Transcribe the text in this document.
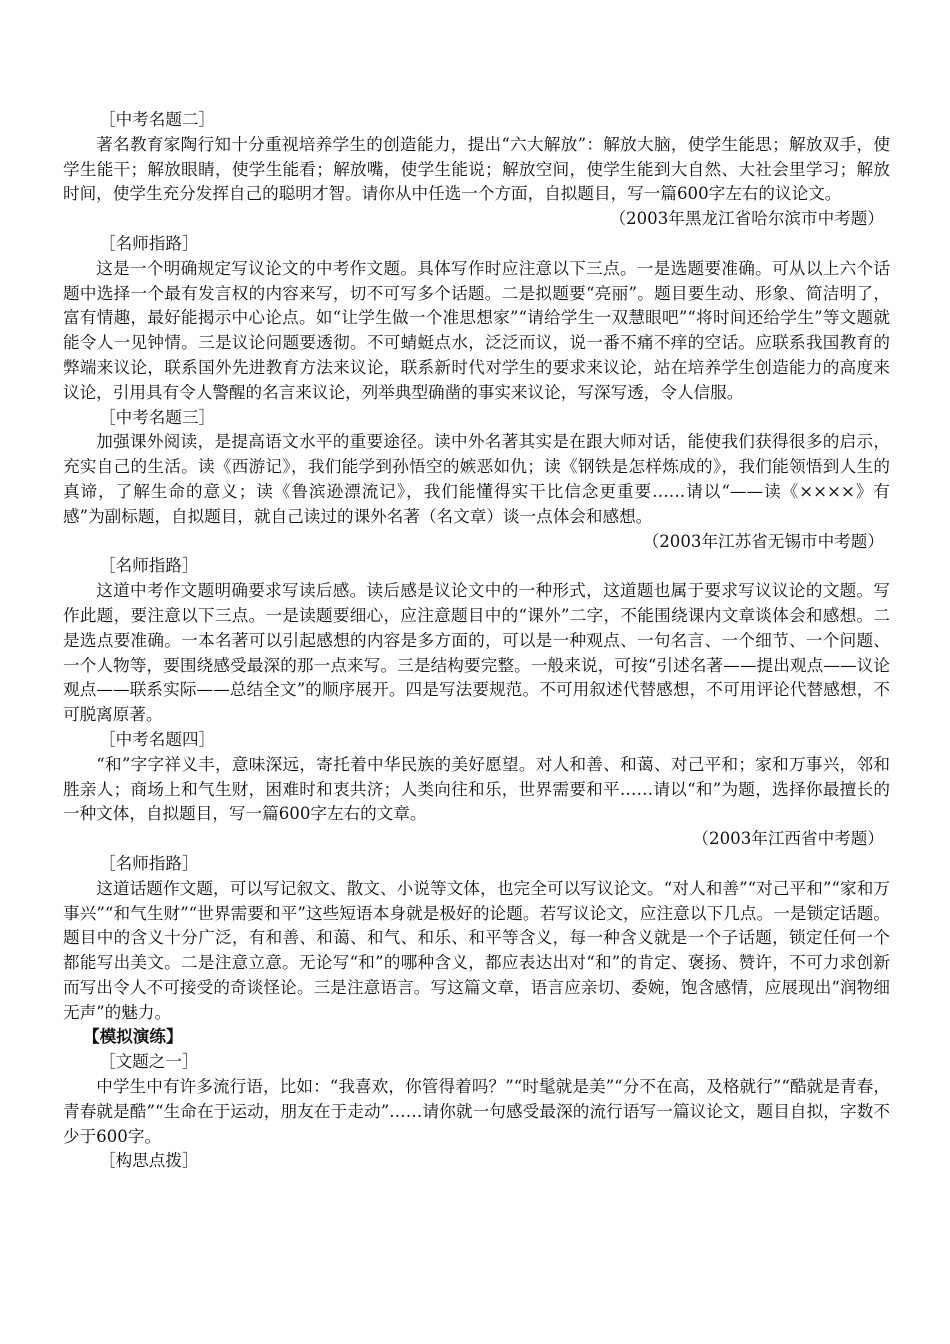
［中考名题二］

著名教育家陶行知十分重视培养学生的创造能力，提出“六大解放”：解放大脑，使学生能思；解放双手，使学生能干；解放眼睛，使学生能看；解放嘴，使学生能说；解放空间，使学生能到大自然、大社会里学习；解放时间，使学生充分发挥自己的聪明才智。请你从中任选一个方面，自拟题目，写一篇600字左右的议论文。

（2003年黑龙江省哈尔滨市中考题）

［名师指路］

这是一个明确规定写议论文的中考作文题。具体写作时应注意以下三点。一是选题要准确。可从以上六个话题中选择一个最有发言权的内容来写，切不可写多个话题。二是拟题要“亮丽”。题目要生动、形象、简洁明了，富有情趣，最好能揭示中心论点。如“让学生做一个准思想家”“请给学生一双慧眼吧”“将时间还给学生”等文题就能令人一见钟情。三是议论问题要透彻。不可蜻蜓点水，泛泛而议，说一番不痛不痒的空话。应联系我国教育的弊端来议论，联系国外先进教育方法来议论，联系新时代对学生的要求来议论，站在培养学生创造能力的高度来议论，引用具有令人警醒的名言来议论，列举典型确凿的事实来议论，写深写透，令人信服。

［中考名题三］

加强课外阅读，是提高语文水平的重要途径。读中外名著其实是在跟大师对话，能使我们获得很多的启示，充实自己的生活。读《西游记》，我们能学到孙悟空的嫉恶如仇；读《钢铁是怎样炼成的》，我们能领悟到人生的真谛，了解生命的意义；读《鲁滨逊漂流记》，我们能懂得实干比信念更重要……请以“——读《××××》有感”为副标题，自拟题目，就自己读过的课外名著（名文章）谈一点体会和感想。

（2003年江苏省无锡市中考题）

［名师指路］

这道中考作文题明确要求写读后感。读后感是议论文中的一种形式，这道题也属于要求写议议论的文题。写作此题，要注意以下三点。一是读题要细心，应注意题目中的“课外”二字，不能围绕课内文章谈体会和感想。二是选点要准确。一本名著可以引起感想的内容是多方面的，可以是一种观点、一句名言、一个细节、一个问题、一个人物等，要围绕感受最深的那一点来写。三是结构要完整。一般来说，可按“引述名著——提出观点——议论观点——联系实际——总结全文”的顺序展开。四是写法要规范。不可用叙述代替感想，不可用评论代替感想，不可脱离原著。

［中考名题四］

“和”字字祥义丰，意味深远，寄托着中华民族的美好愿望。对人和善、和蔼、对己平和；家和万事兴，邻和胜亲人；商场上和气生财，困难时和衷共济；人类向往和乐，世界需要和平……请以“和”为题，选择你最擅长的一种文体，自拟题目，写一篇600字左右的文章。

（2003年江西省中考题）

［名师指路］

这道话题作文题，可以写记叙文、散文、小说等文体，也完全可以写议论文。“对人和善”“对己平和”“家和万事兴”“和气生财”“世界需要和平”这些短语本身就是极好的论题。若写议论文，应注意以下几点。一是锁定话题。题目中的含义十分广泛，有和善、和蔼、和气、和乐、和平等含义，每一种含义就是一个子话题，锁定任何一个都能写出美文。二是注意立意。无论写“和”的哪种含义，都应表达出对“和”的肯定、褒扬、赞许，不可力求创新而写出令人不可接受的奇谈怪论。三是注意语言。写这篇文章，语言应亲切、委婉，饱含感情，应展现出“润物细无声”的魅力。

【模拟演练】

［文题之一］

中学生中有许多流行语，比如：“我喜欢，你管得着吗？”“时髦就是美”“分不在高，及格就行”“酷就是青春，青春就是酷”“生命在于运动，朋友在于走动”……请你就一句感受最深的流行语写一篇议论文，题目自拟，字数不少于600字。

［构思点拨］
